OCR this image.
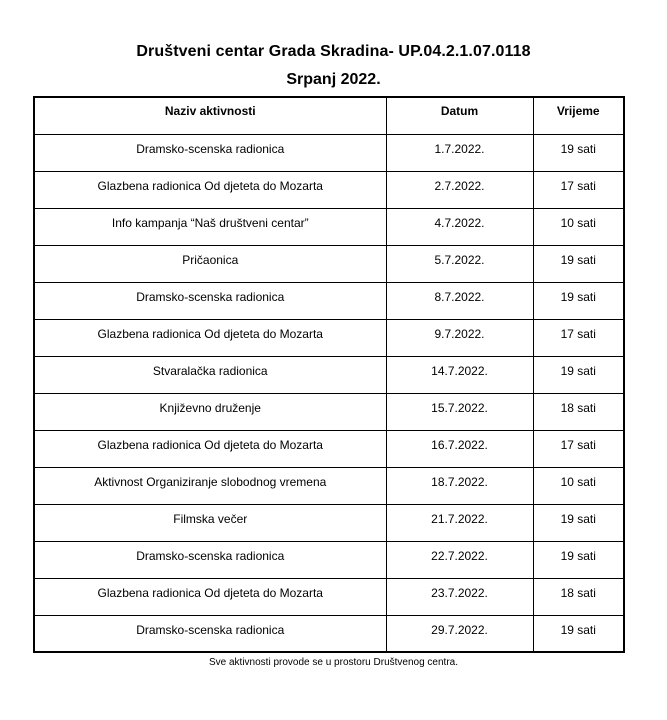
Društveni centar Grada Skradina- UP.04.2.1.07.0118
Srpanj 2022.
Naziv aktivnosti	Datum	Vrijeme
Dramsko-scenska radionica	1.7.2022.	19 sati
Glazbena radionica Od djeteta do Mozarta	2.7.2022.	17 sati
Info kampanja “Naš društveni centar”	4.7.2022.	10 sati
Pričaonica	5.7.2022.	19 sati
Dramsko-scenska radionica	8.7.2022.	19 sati
Glazbena radionica Od djeteta do Mozarta	9.7.2022.	17 sati
Stvaralačka radionica	14.7.2022.	19 sati
Književno druženje	15.7.2022.	18 sati
Glazbena radionica Od djeteta do Mozarta	16.7.2022.	17 sati
Aktivnost Organiziranje slobodnog vremena	18.7.2022.	10 sati
Filmska večer	21.7.2022.	19 sati
Dramsko-scenska radionica	22.7.2022.	19 sati
Glazbena radionica Od djeteta do Mozarta	23.7.2022.	18 sati
Dramsko-scenska radionica	29.7.2022.	19 sati
Sve aktivnosti provode se u prostoru Društvenog centra.
